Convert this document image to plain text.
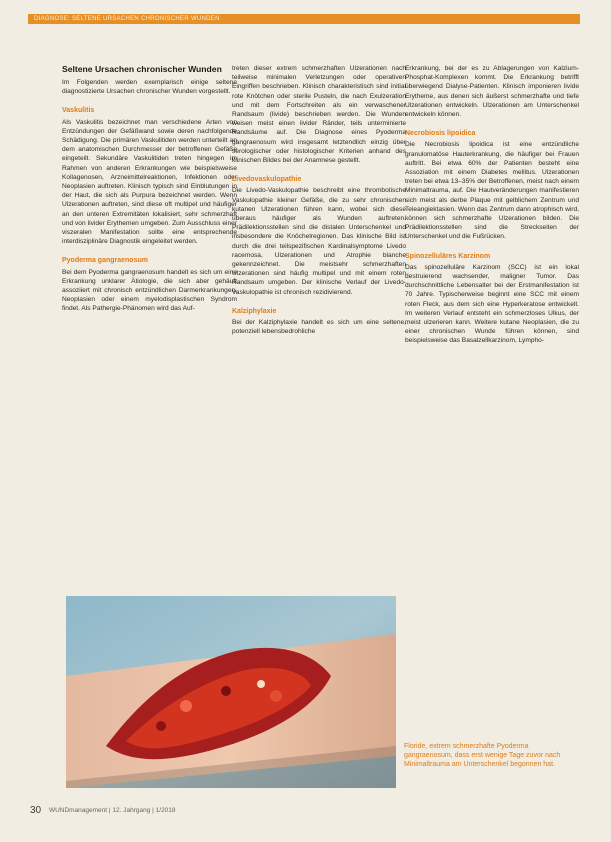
DIAGNOSE: SELTENE URSACHEN CHRONISCHER WUNDEN
Seltene Ursachen chronischer Wunden

Im Folgenden werden exemplarisch einige seltene diagnostizierte Ursachen chronischer Wunden vorgestellt.

Vaskulitis

Als Vaskulitis bezeichnet man verschiedene Arten von Entzündungen der Gefäßwand sowie deren nachfolgende Schädigung. Die primären Vaskulitiden werden unterteilt an dem anatomischen Durchmesser der betroffenen Gefäße eingeteilt. Sekundäre Vaskulitiden treten hingegen im Rahmen von anderen Erkrankungen wie beispielsweise Kollagenosen, Arzneimittelreaktionen, Infektionen oder Neoplasien auftreten. Klinisch typisch sind Einblutungen in der Haut, die sich als Purpura bezeichnet werden. Wenn Ulzerationen auftreten, sind diese oft multipel und häufiger an den unteren Extremitäten lokalisiert, sehr schmerzhaft und von livider Erythemen umgeben. Zum Ausschluss einer viszeralen Manifestation sollte eine entsprechende interdisziplinäre Diagnostik eingeleitet werden.

Pyoderma gangraenosum

Bei dem Pyoderma gangraenosum handelt es sich um eine Erkrankung unklarer Ätiologie, die sich aber gehäuft assoziiert mit chronisch entzündlichen Darmerkrankungen, Neoplasien oder einem myelodisplastischen Syndrom findet. Als Pathergie-Phänomen wird das Auf-

treten dieser extrem schmerzhaften Ulzerationen nach teilweise minimalen Verletzungen oder operativen Eingriffen beschrieben. Klinisch charakteristisch sind initial rote Knötchen oder sterile Pusteln, die nach Exulzeration und mit dem Fortschreiten als ein verwaschener Randsaum (livide) beschrieben werden. Die Wunden weisen meist einen livider Ränder, teils unterminierte Randsäume auf. Die Diagnose eines Pyoderma gangraenosum wird insgesamt letztendlich einzig über serologischer oder histologischer Kriterien anhand des klinischen Bildes bei der Anamnese gestellt.

Livedovaskulopathie

Die Livedo-Vaskulopathie beschreibt eine thrombotische Vaskulopathie kleiner Gefäße, die zu sehr chronischen kutanen Ulzerationen führen kann, wobei sich diese überaus häufiger als Wunden auftreten. Prädilektionsstellen sind die distalen Unterschenkel und insbesondere die Knöchelregionen. Das klinische Bild ist durch die drei teilspezifischen Kardinalsymptome Livedo racemosa, Ulzerationen und Atrophie blanche gekennzeichnet. Die meistsehr schmerzhaften Ulzerationen sind häufig multipel und mit einem roten Randsaum umgeben. Der klinische Verlauf der Livedo-Vaskulopathie ist chronisch rezidivierend.

Kalziphylaxie

Bei der Kalziphylaxie handelt es sich um eine seltene, potenziell lebensbedrohliche

Erkrankung, bei der es zu Ablagerungen von Kalzium-Phosphat-Komplexen kommt. Die Erkrankung betrifft überwiegend Dialyse-Patienten. Klinisch imponieren livide Erytheme, aus denen sich äußerst schmerzhafte und tiefe Ulzerationen entwickeln. Ulzerationen am Unterschenkel entwickeln können.

Necrobiosis lipoidica

Die Necrobiosis lipoidica ist eine entzündliche granulomatöse Hauterkrankung, die häufiger bei Frauen auftritt. Bei etwa 60% der Patienten besteht eine Assoziation mit einem Diabetes mellitus. Ulzerationen treten bei etwa 13–35% der Betroffenen, meist nach einem Minimaltrauma, auf. Die Hautveränderungen manifestieren sich meist als derbe Plaque mit gelblichem Zentrum und Teleangiektasien. Wenn das Zentrum dann atrophisch wird, können sich schmerzhafte Ulzerationen bilden. Die Prädilektionsstellen sind die Streckseiten der Unterschenkel und die Fußrücken.

Spinozelluläres Karzinom

Das spinozelluläre Karzinom (SCC) ist ein lokal destruierend wachsender, maligner Tumor. Das durchschnittliche Lebensalter bei der Erstmanifestation ist 70 Jahre. Typischerweise beginnt eine SCC mit einem roten Fleck, aus dem sich eine Hyperkeratose entwickelt. Im weiteren Verlauf entsteht ein schmerzloses Ulkus, der meist ulzerieren kann. Weitere kutane Neoplasien, die zu einer chronischen Wunde führen können, sind beispielsweise das Basalzellkarzinom, Lympho-

Floride, extrem schmerzhafte Pyoderma gangraenosum, dass erst wenige Tage zuvor nach Minimaltrauma am Unterschenkel begonnen hat.
30 WUNDmanagement | 12. Jahrgang | 1/2018
